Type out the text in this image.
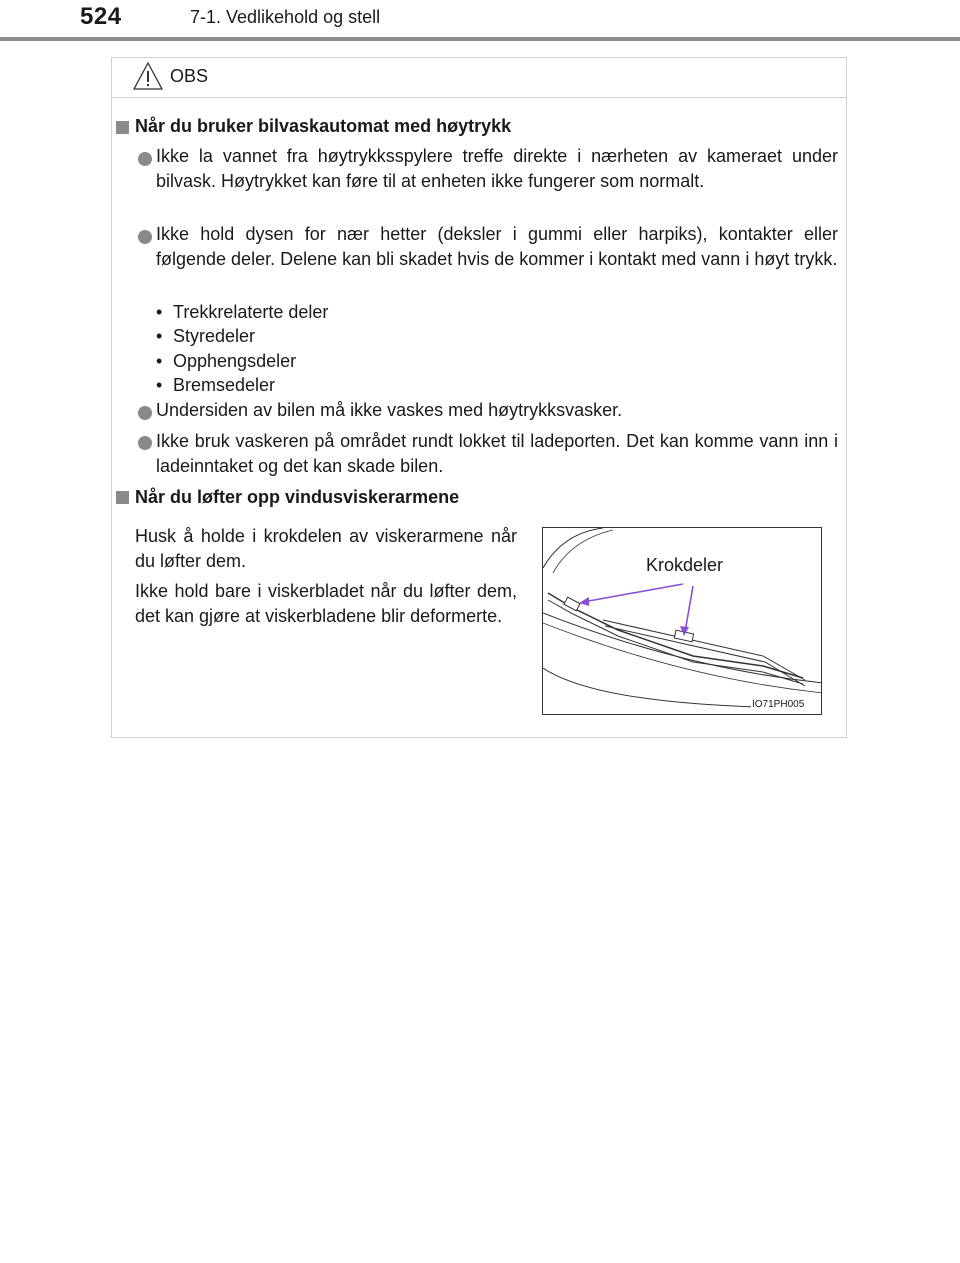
524	7-1. Vedlikehold og stell
OBS
Når du bruker bilvaskautomat med høytrykk
Ikke la vannet fra høytrykksspylere treffe direkte i nærheten av kameraet under bilvask. Høytrykket kan føre til at enheten ikke fungerer som normalt.
Ikke hold dysen for nær hetter (deksler i gummi eller harpiks), kontakter eller følgende deler. Delene kan bli skadet hvis de kommer i kontakt med vann i høyt trykk.
• Trekkrelaterte deler
• Styredeler
• Opphengsdeler
• Bremsedeler
Undersiden av bilen må ikke vaskes med høytrykksvasker.
Ikke bruk vaskeren på området rundt lokket til ladeporten. Det kan komme vann inn i ladeinntaket og det kan skade bilen.
Når du løfter opp vindusviskerarmene
Husk å holde i krokdelen av viskerarmene når du løfter dem.
Ikke hold bare i viskerbladet når du løfter dem, det kan gjøre at viskerbladene blir deformerte.
Krokdeler
IO71PH005
